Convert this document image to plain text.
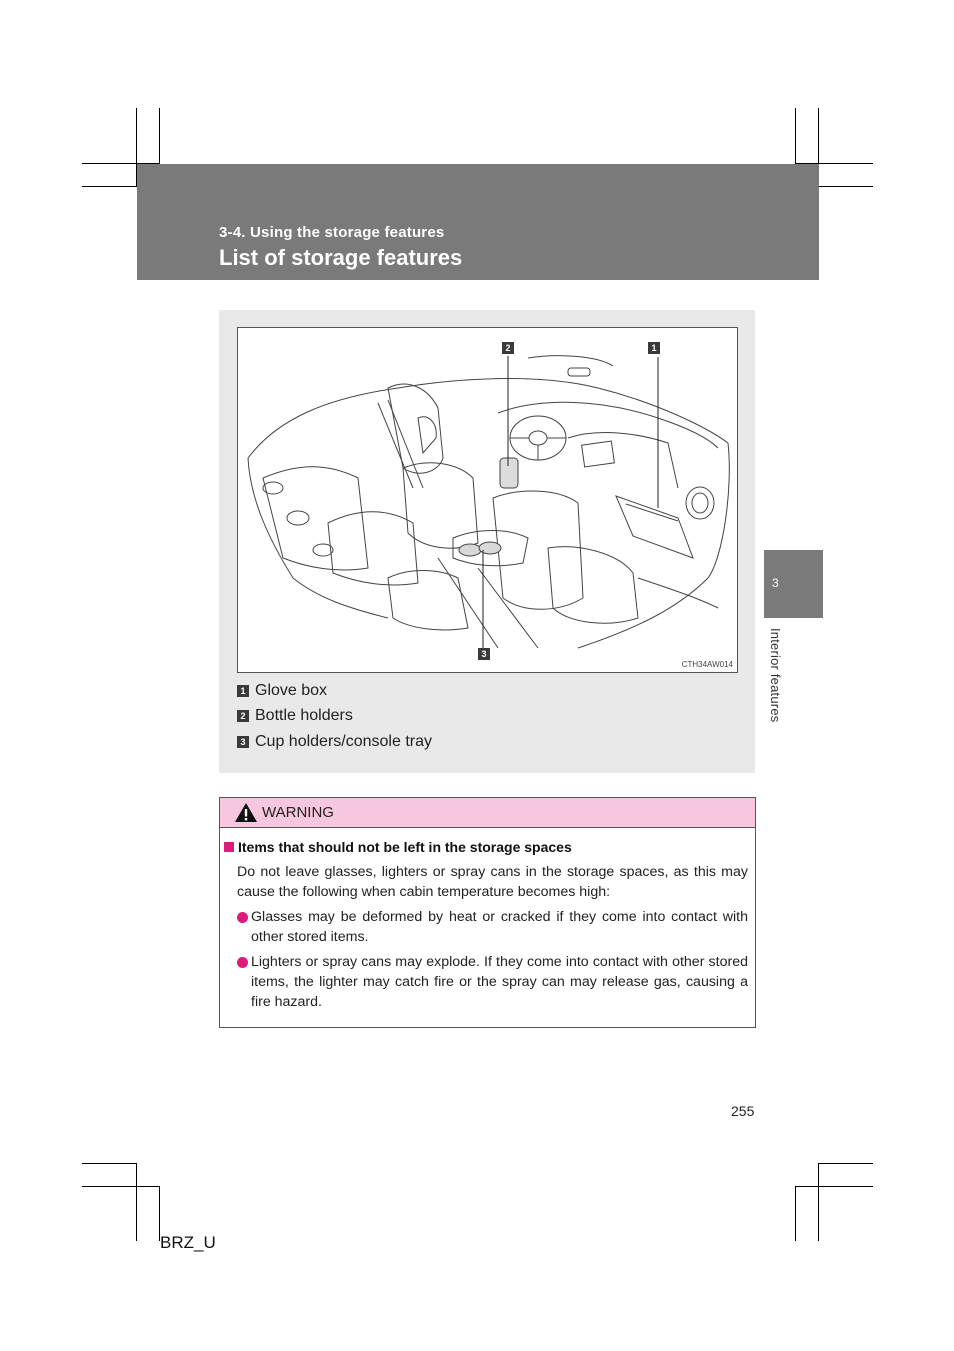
3-4. Using the storage features
List of storage features
3
Interior features
2	1
3
CTH34AW014
1 Glove box
2 Bottle holders
3 Cup holders/console tray
WARNING
Items that should not be left in the storage spaces
Do not leave glasses, lighters or spray cans in the storage spaces, as this may cause the following when cabin temperature becomes high:
Glasses may be deformed by heat or cracked if they come into contact with other stored items.
Lighters or spray cans may explode. If they come into contact with other stored items, the lighter may catch fire or the spray can may release gas, causing a fire hazard.
255
BRZ_U
